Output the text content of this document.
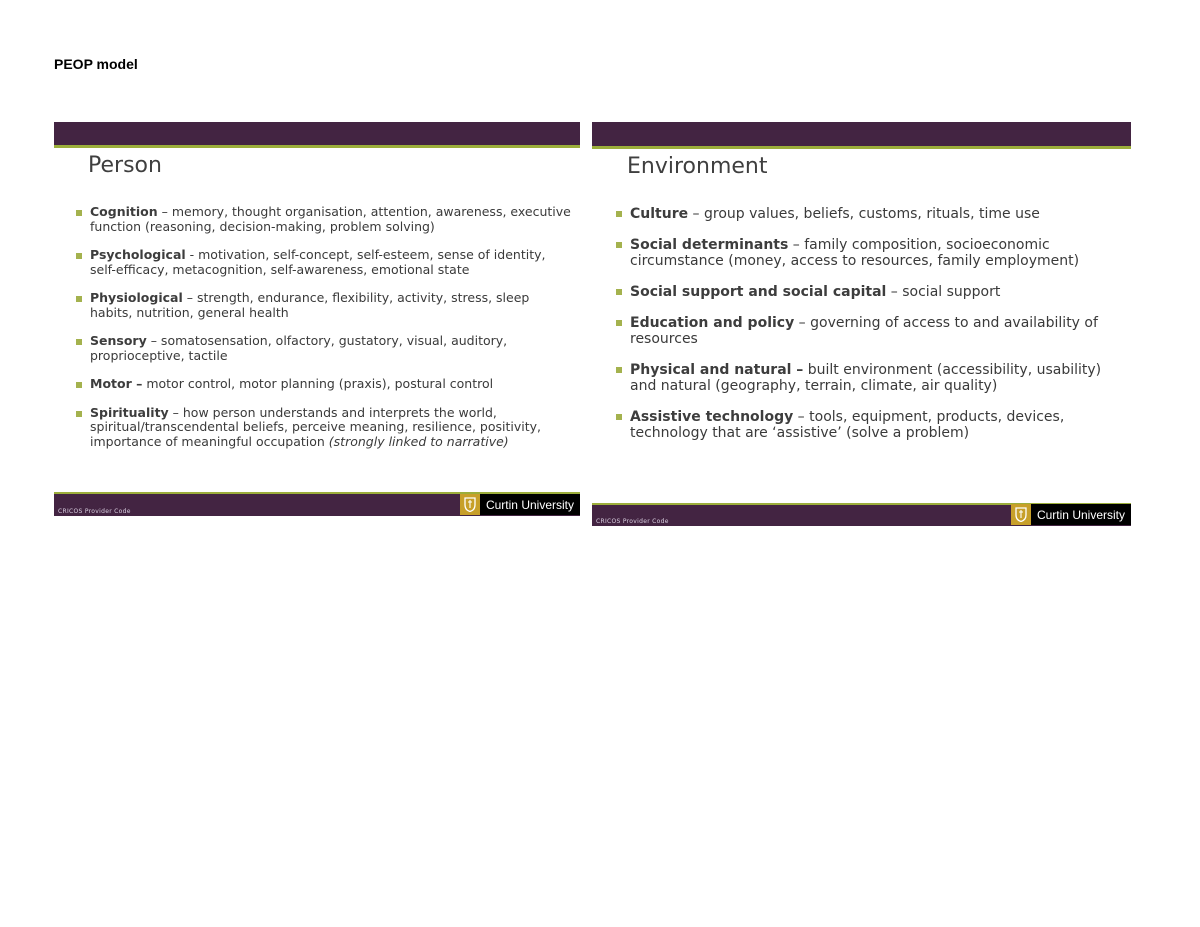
PEOP model
Person
Cognition – memory, thought organisation, attention, awareness, executive function (reasoning, decision-making, problem solving)
Psychological - motivation, self-concept, self-esteem, sense of identity, self-efficacy, metacognition, self-awareness, emotional state
Physiological – strength, endurance, flexibility, activity, stress, sleep habits, nutrition, general health
Sensory – somatosensation, olfactory, gustatory, visual, auditory, proprioceptive, tactile
Motor – motor control, motor planning (praxis), postural control
Spirituality – how person understands and interprets the world, spiritual/transcendental beliefs, perceive meaning, resilience, positivity, importance of meaningful occupation (strongly linked to narrative)
CRICOS Provider Code	Curtin University
Environment
Culture – group values, beliefs, customs, rituals, time use
Social determinants – family composition, socioeconomic circumstance (money, access to resources, family employment)
Social support and social capital – social support
Education and policy – governing of access to and availability of resources
Physical and natural – built environment (accessibility, usability) and natural (geography, terrain, climate, air quality)
Assistive technology – tools, equipment, products, devices, technology that are ‘assistive’ (solve a problem)
CRICOS Provider Code	Curtin University
